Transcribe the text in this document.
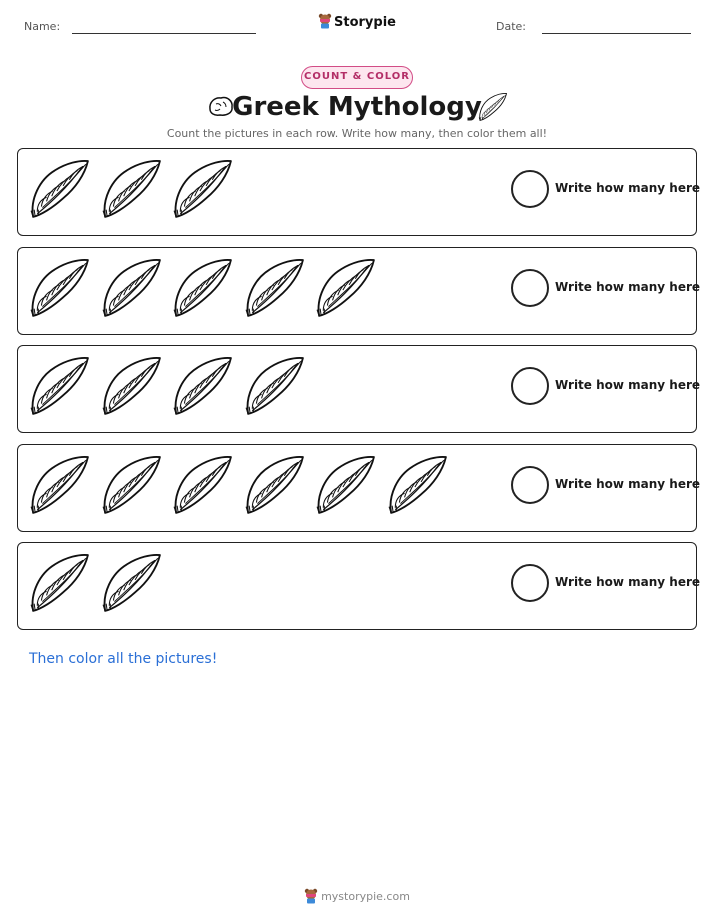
Name:	Storypie	Date:
COUNT & COLOR
Greek Mythology
Count the pictures in each row. Write how many, then color them all!
Write how many here
Write how many here
Write how many here
Write how many here
Write how many here
Then color all the pictures!
mystorypie.com
